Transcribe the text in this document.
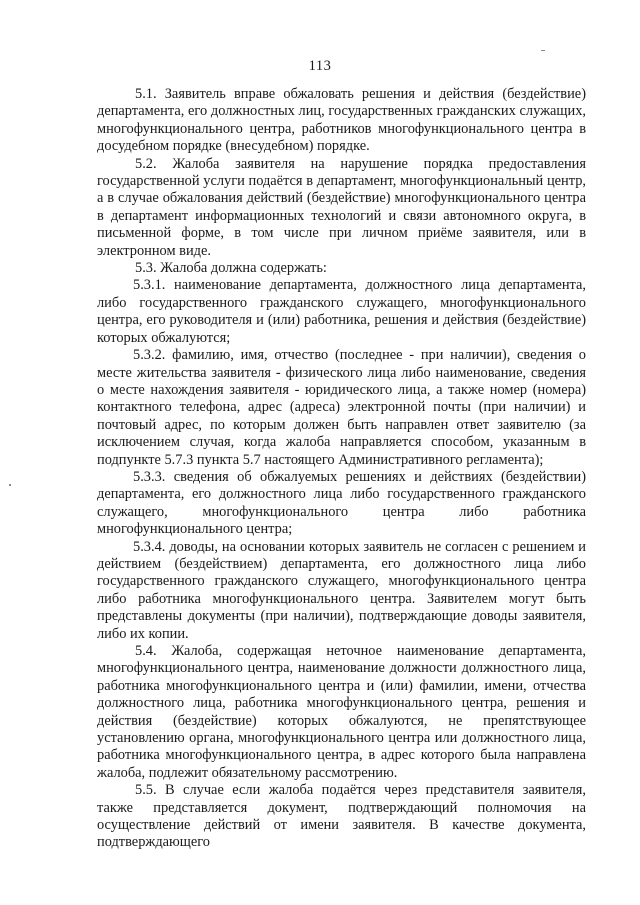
113

5.1. Заявитель вправе обжаловать решения и действия (бездействие) департамента, его должностных лиц, государственных гражданских служащих, многофункционального центра, работников многофункционального центра в досудебном порядке (внесудебном) порядке.

5.2. Жалоба заявителя на нарушение порядка предоставления государственной услуги подаётся в департамент, многофункциональный центр, а в случае обжалования действий (бездействие) многофункционального центра в департамент информационных технологий и связи автономного округа, в письменной форме, в том числе при личном приёме заявителя, или в электронном виде.

5.3. Жалоба должна содержать:

5.3.1. наименование департамента, должностного лица департамента, либо государственного гражданского служащего, многофункционального центра, его руководителя и (или) работника, решения и действия (бездействие) которых обжалуются;

5.3.2. фамилию, имя, отчество (последнее - при наличии), сведения о месте жительства заявителя - физического лица либо наименование, сведения о месте нахождения заявителя - юридического лица, а также номер (номера) контактного телефона, адрес (адреса) электронной почты (при наличии) и почтовый адрес, по которым должен быть направлен ответ заявителю (за исключением случая, когда жалоба направляется способом, указанным в подпункте 5.7.3 пункта 5.7 настоящего Административного регламента);

5.3.3. сведения об обжалуемых решениях и действиях (бездействии) департамента, его должностного лица либо государственного гражданского служащего, многофункционального центра либо работника многофункционального центра;

5.3.4. доводы, на основании которых заявитель не согласен с решением и действием (бездействием) департамента, его должностного лица либо государственного гражданского служащего, многофункционального центра либо работника многофункционального центра. Заявителем могут быть представлены документы (при наличии), подтверждающие доводы заявителя, либо их копии.

5.4. Жалоба, содержащая неточное наименование департамента, многофункционального центра, наименование должности должностного лица, работника многофункционального центра и (или) фамилии, имени, отчества должностного лица, работника многофункционального центра, решения и действия (бездействие) которых обжалуются, не препятствующее установлению органа, многофункционального центра или должностного лица, работника многофункционального центра, в адрес которого была направлена жалоба, подлежит обязательному рассмотрению.

5.5. В случае если жалоба подаётся через представителя заявителя, также представляется документ, подтверждающий полномочия на осуществление действий от имени заявителя. В качестве документа, подтверждающего
